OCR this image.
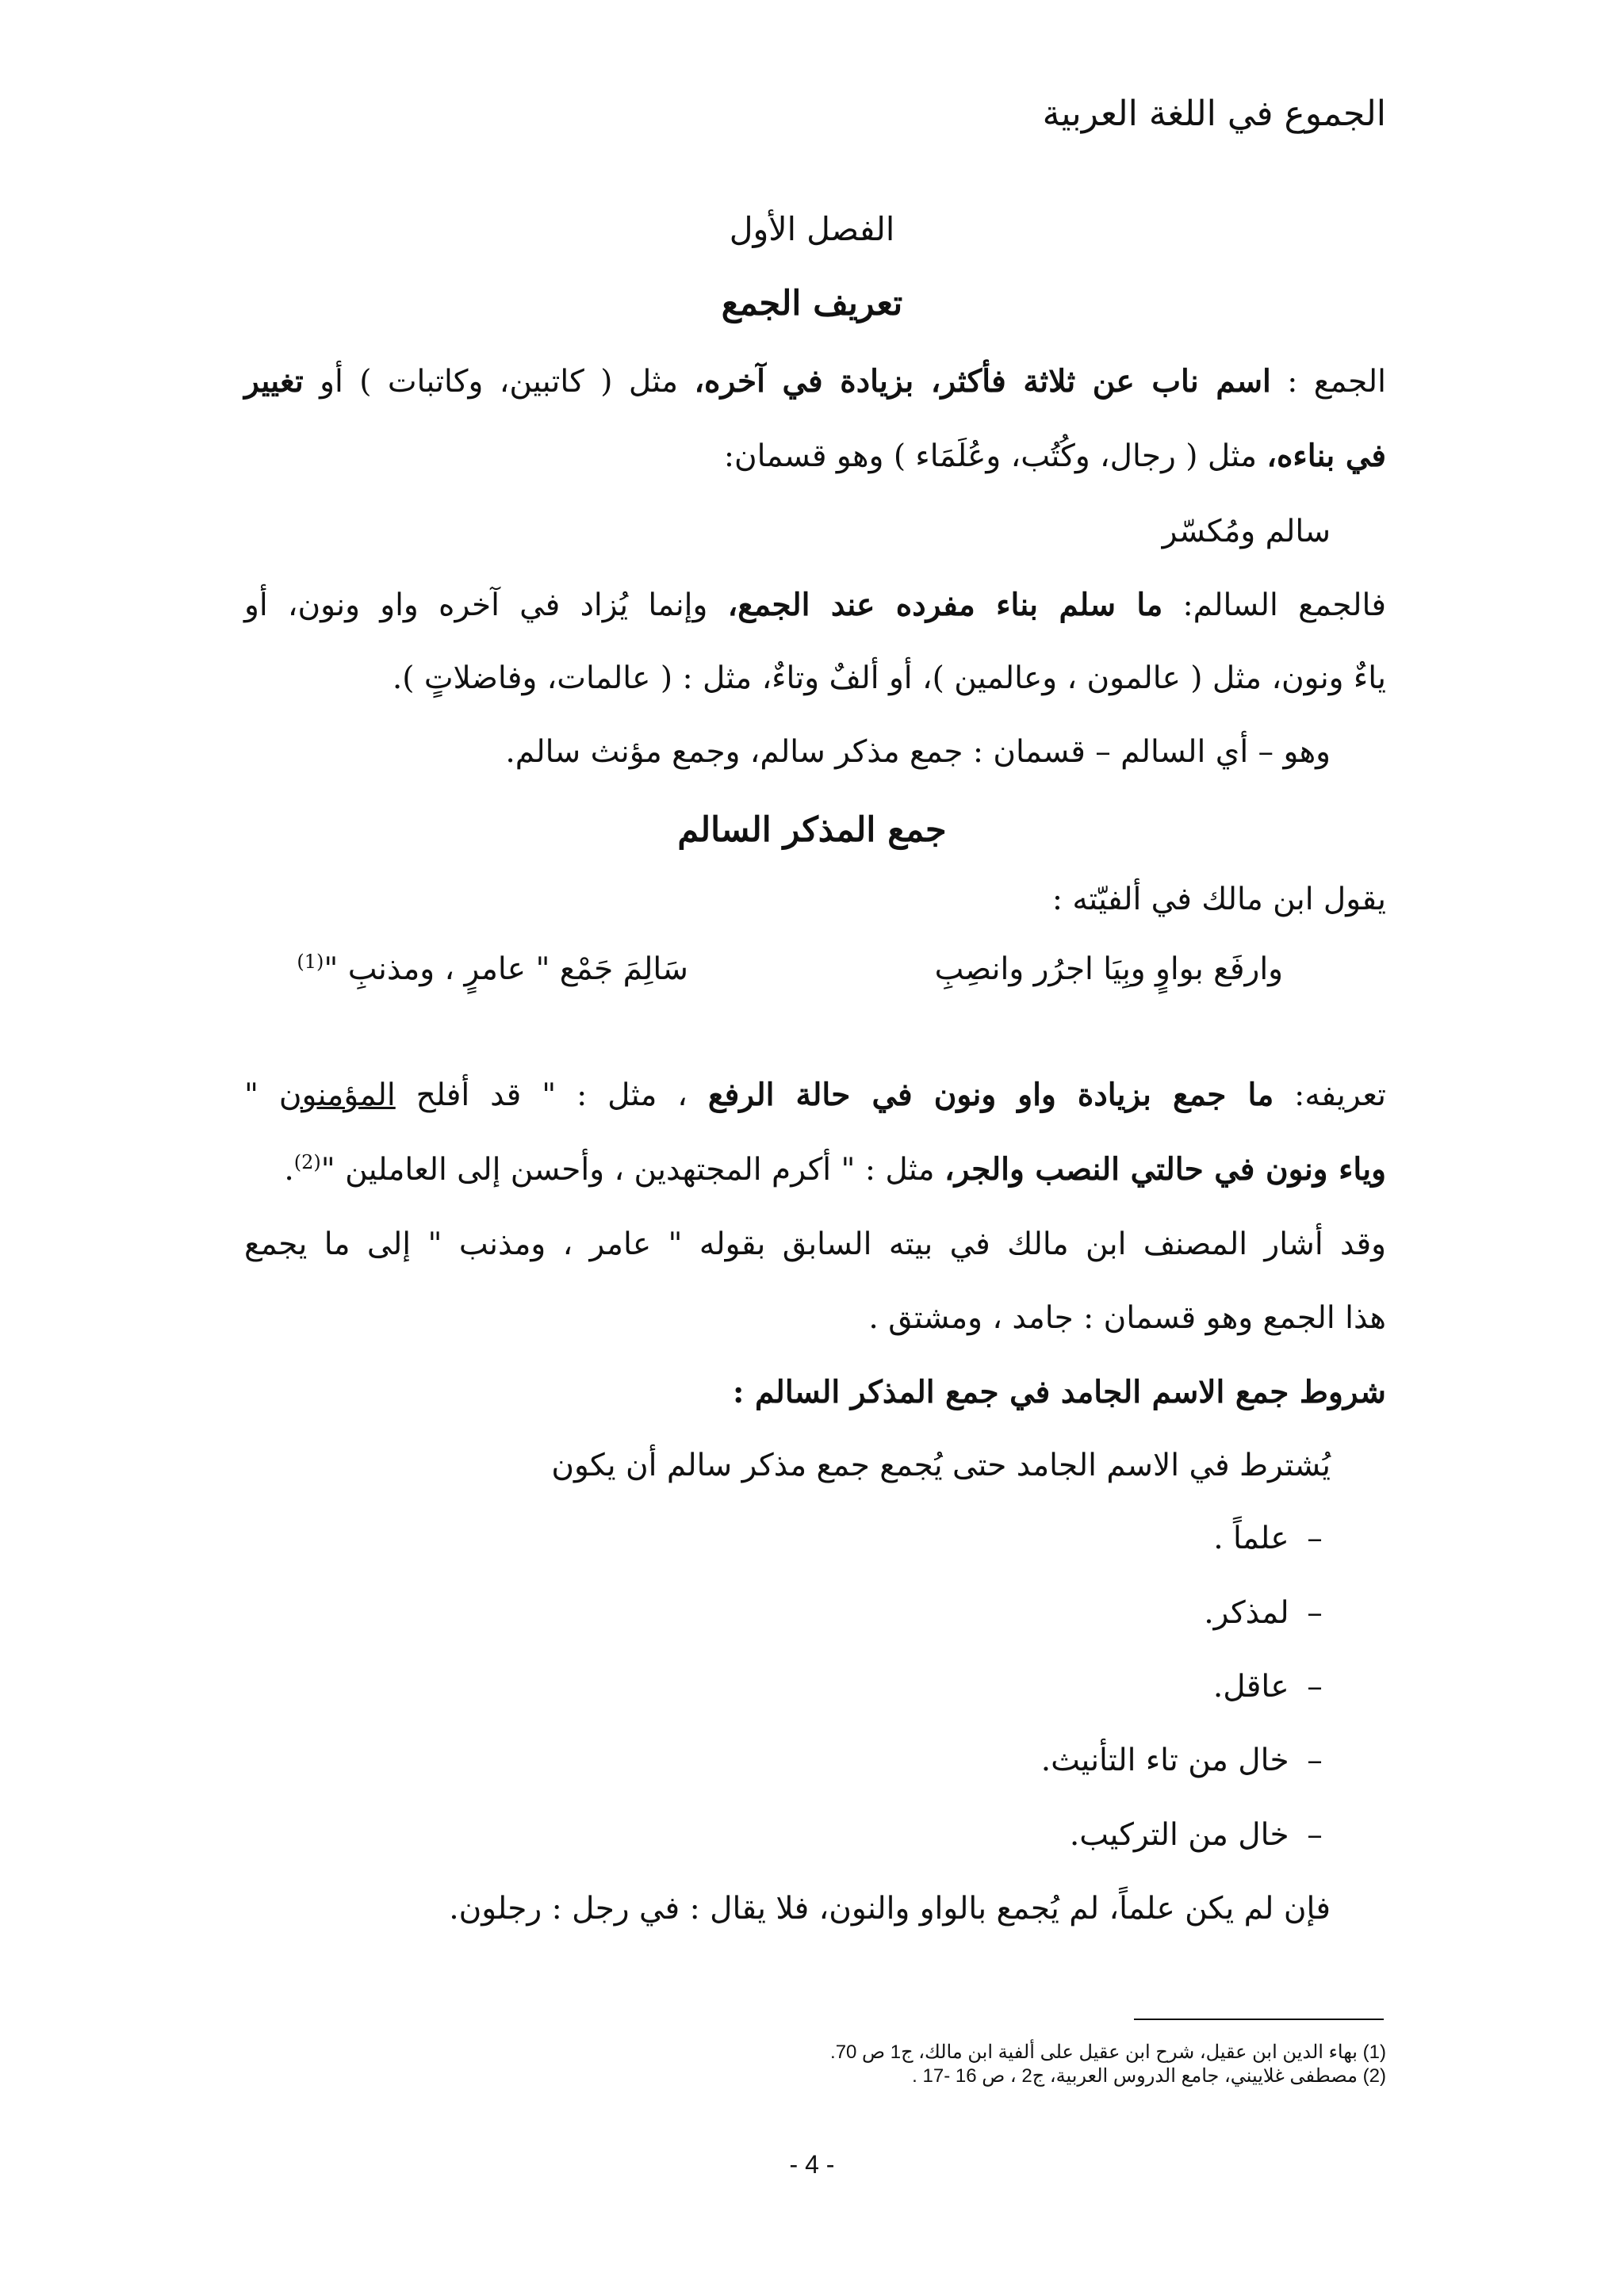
الجموع في اللغة العربية
الفصل الأول
تعريف الجمع
الجمع : اسم ناب عن ثلاثة فأكثر، بزيادة في آخره، مثل ( كاتبين، وكاتبات ) أو تغيير
في بناءه، مثل ( رجال، وكُتُب، وعُلَمَاء ) وهو قسمان:
سالم ومُكسّر
فالجمع السالم: ما سلم بناء مفرده عند الجمع، وإنما يُزاد في آخره واو ونون، أو
ياءٌ ونون، مثل ( عالمون ، وعالمين )، أو ألفٌ وتاءٌ، مثل : ( عالمات، وفاضلاتٍ ).
وهو – أي السالم – قسمان : جمع مذكر سالم، وجمع مؤنث سالم.
جمع المذكر السالم
يقول ابن مالك في ألفيّته :
وارفَع بواوٍ وبِيَا اجرُر وانصِبِ
سَالِمَ جَمْع " عامرٍ ، ومذنبِ "$^{(1)}$
تعريفه: ما جمع بزيادة واو ونون في حالة الرفع ، مثل : " قد أفلح المؤمنون "
وياء ونون في حالتي النصب والجر، مثل : " أكرم المجتهدين ، وأحسن إلى العاملين "$^{(2)}$.
وقد أشار المصنف ابن مالك في بيته السابق بقوله " عامر ، ومذنب " إلى ما يجمع
هذا الجمع وهو قسمان : جامد ، ومشتق .
شروط جمع الاسم الجامد في جمع المذكر السالم :
يُشترط في الاسم الجامد حتى يُجمع جمع مذكر سالم أن يكون
– علماً .
– لمذكر.
– عاقل.
– خال من تاء التأنيث.
– خال من التركيب.
فإن لم يكن علماً، لم يُجمع بالواو والنون، فلا يقال : في رجل : رجلون.
(1) بهاء الدين ابن عقيل، شرح ابن عقيل على ألفية ابن مالك، ج1 ص 70.
(2) مصطفى غلاييني، جامع الدروس العربية، ج2 ، ص 16 -17 .
- 4 -
